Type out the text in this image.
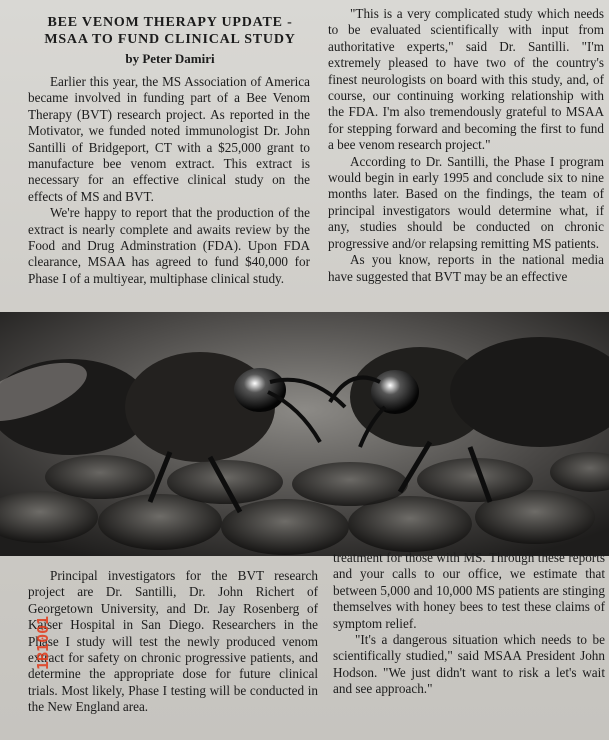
BEE VENOM THERAPY UPDATE -
MSAA TO FUND CLINICAL STUDY
by Peter Damiri

Earlier this year, the MS Association of America became involved in funding part of a Bee Venom Therapy (BVT) research project. As reported in the Motivator, we funded noted immunologist Dr. John Santilli of Bridgeport, CT with a $25,000 grant to manufacture bee venom extract. This extract is necessary for an effective clinical study on the effects of MS and BVT.

We're happy to report that the production of the extract is nearly complete and awaits review by the Food and Drug Adminstration (FDA). Upon FDA clearance, MSAA has agreed to fund $40,000 for Phase I of a multiyear, multiphase clinical study.

"This is a very complicated study which needs to be evaluated scientifically with input from authoritative experts," said Dr. Santilli. "I'm extremely pleased to have two of the country's finest neurologists on board with this study, and, of course, our continuing working relationship with the FDA. I'm also tremendously grateful to MSAA for stepping forward and becoming the first to fund a bee venom research project."

According to Dr. Santilli, the Phase I program would begin in early 1995 and conclude six to nine months later. Based on the findings, the team of principal investigators would determine what, if any, studies should be conducted on chronic progressive and/or relapsing remitting MS patients.

As you know, reports in the national media have suggested that BVT may be an effective

Principal investigators for the BVT research project are Dr. Santilli, Dr. John Richert of Georgetown University, and Dr. Jay Rosenberg of Kaiser Hospital in San Diego. Researchers in the Phase I study will test the newly produced venom extract for safety on chronic progressive patients, and determine the appropriate dose for future clinical trials. Most likely, Phase I testing will be conducted in the New England area.

treatment for those with MS. Through these reports and your calls to our office, we estimate that between 5,000 and 10,000 MS patients are stinging themselves with honey bees to test these claims of symptom relief.

"It's a dangerous situation which needs to be scientifically studied," said MSAA President John Hodson. "We just didn't want to risk a let's wait and see approach."

1B1001
